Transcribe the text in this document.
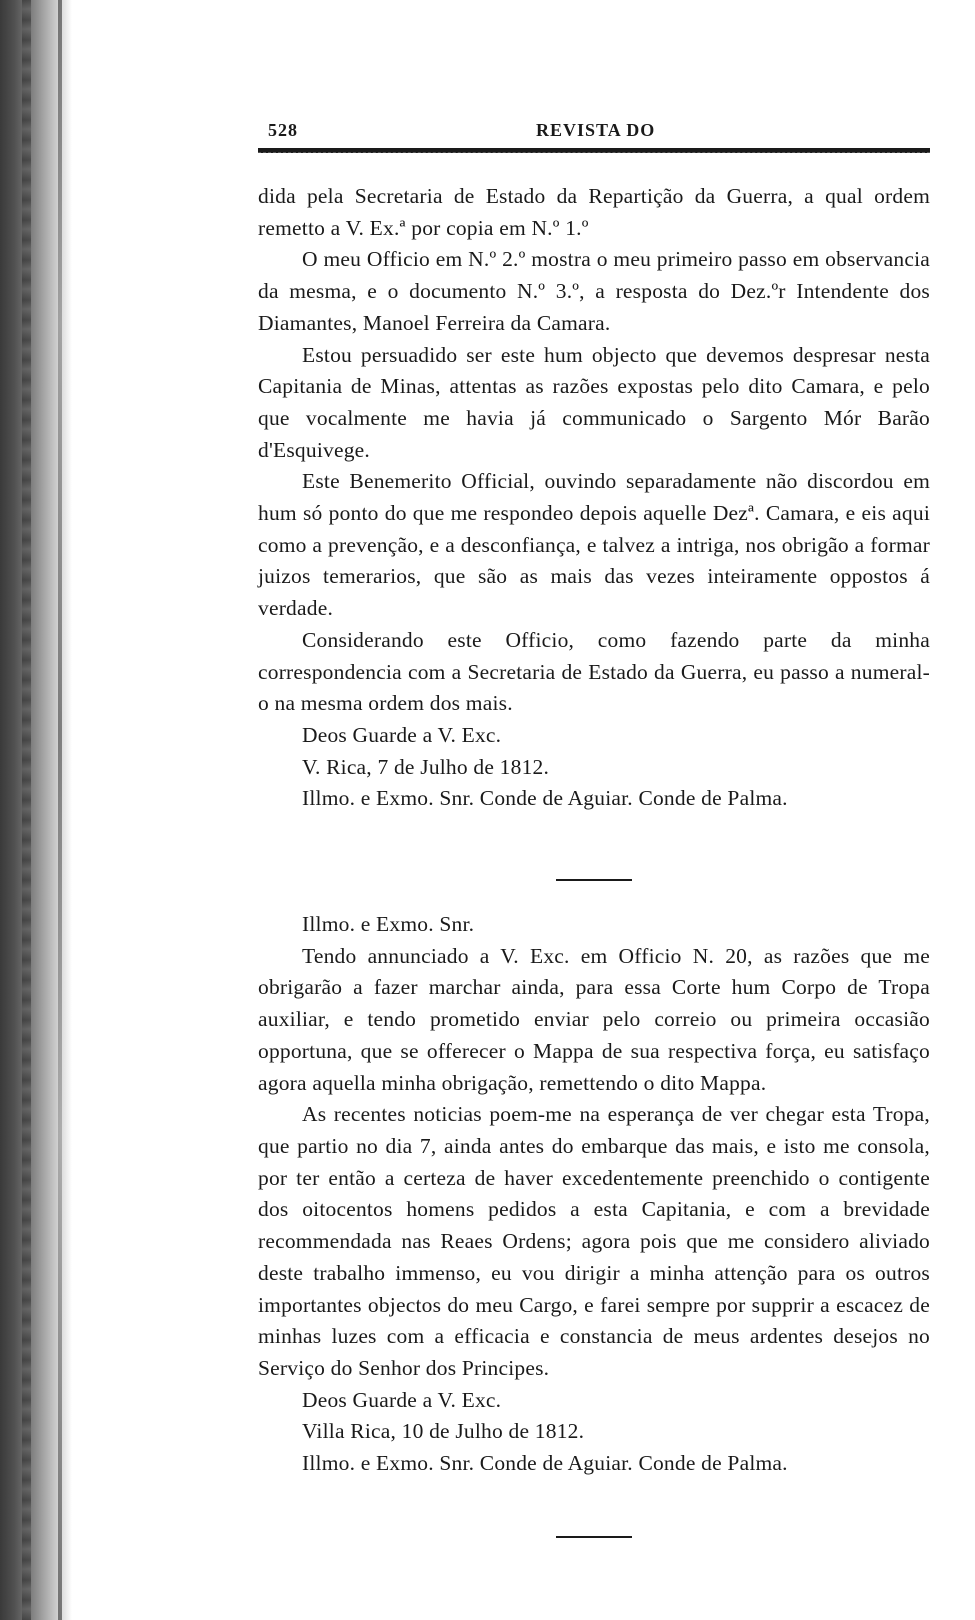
528	REVISTA DO

dida pela Secretaria de Estado da Repartição da Guerra, a qual ordem remetto a V. Ex.ª por copia em N.º 1.º

O meu Officio em N.º 2.º mostra o meu primeiro passo em observancia da mesma, e o documento N.º 3.º, a resposta do Dez.ºr Intendente dos Diamantes, Manoel Ferreira da Camara.

Estou persuadido ser este hum objecto que devemos despresar nesta Capitania de Minas, attentas as razões expostas pelo dito Camara, e pelo que vocalmente me havia já communicado o Sargento Mór Barão d'Esquivege.

Este Benemerito Official, ouvindo separadamente não discordou em hum só ponto do que me respondeo depois aquelle Dezª. Camara, e eis aqui como a prevenção, e a desconfiança, e talvez a intriga, nos obrigão a formar juizos temerarios, que são as mais das vezes inteiramente oppostos á verdade.

Considerando este Officio, como fazendo parte da minha correspondencia com a Secretaria de Estado da Guerra, eu passo a numeral-o na mesma ordem dos mais.

Deos Guarde a V. Exc.

V. Rica, 7 de Julho de 1812.

Illmo. e Exmo. Snr. Conde de Aguiar. Conde de Palma.

Illmo. e Exmo. Snr.

Tendo annunciado a V. Exc. em Officio N. 20, as razões que me obrigarão a fazer marchar ainda, para essa Corte hum Corpo de Tropa auxiliar, e tendo prometido enviar pelo correio ou primeira occasião opportuna, que se offerecer o Mappa de sua respectiva força, eu satisfaço agora aquella minha obrigação, remettendo o dito Mappa.

As recentes noticias poem-me na esperança de ver chegar esta Tropa, que partio no dia 7, ainda antes do embarque das mais, e isto me consola, por ter então a certeza de haver excedentemente preenchido o contigente dos oitocentos homens pedidos a esta Capitania, e com a brevidade recommendada nas Reaes Ordens; agora pois que me considero aliviado deste trabalho immenso, eu vou dirigir a minha attenção para os outros importantes objectos do meu Cargo, e farei sempre por supprir a escacez de minhas luzes com a efficacia e constancia de meus ardentes desejos no Serviço do Senhor dos Principes.

Deos Guarde a V. Exc.

Villa Rica, 10 de Julho de 1812.

Illmo. e Exmo. Snr. Conde de Aguiar. Conde de Palma.
